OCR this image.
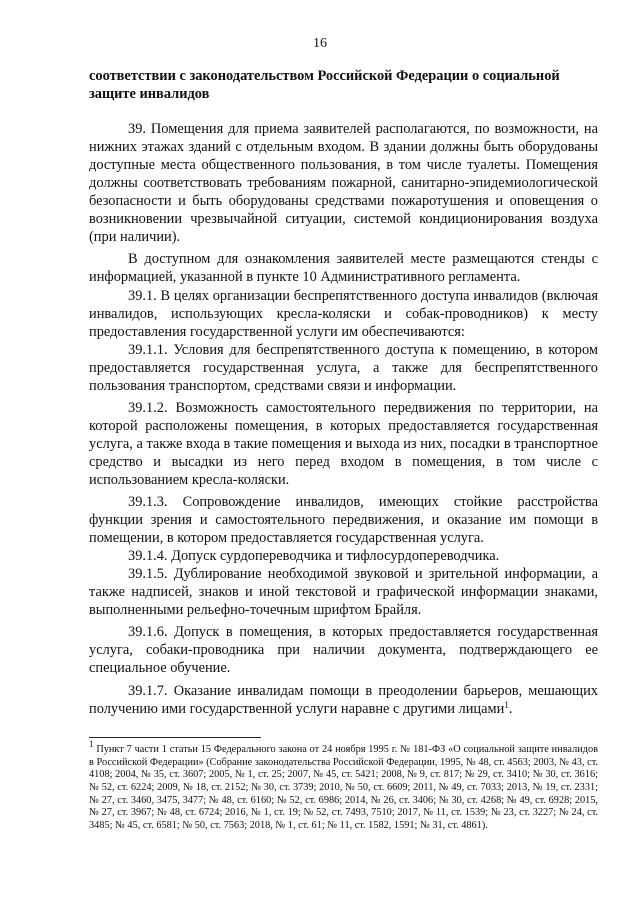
16

соответствии с законодательством Российской Федерации о социальной защите инвалидов

39. Помещения для приема заявителей располагаются, по возможности, на нижних этажах зданий с отдельным входом. В здании должны быть оборудованы доступные места общественного пользования, в том числе туалеты. Помещения должны соответствовать требованиям пожарной, санитарно-эпидемиологической безопасности и быть оборудованы средствами пожаротушения и оповещения о возникновении чрезвычайной ситуации, системой кондиционирования воздуха (при наличии).

В доступном для ознакомления заявителей месте размещаются стенды с информацией, указанной в пункте 10 Административного регламента.

39.1. В целях организации беспрепятственного доступа инвалидов (включая инвалидов, использующих кресла-коляски и собак-проводников) к месту предоставления государственной услуги им обеспечиваются:

39.1.1. Условия для беспрепятственного доступа к помещению, в котором предоставляется государственная услуга, а также для беспрепятственного пользования транспортом, средствами связи и информации.

39.1.2. Возможность самостоятельного передвижения по территории, на которой расположены помещения, в которых предоставляется государственная услуга, а также входа в такие помещения и выхода из них, посадки в транспортное средство и высадки из него перед входом в помещения, в том числе с использованием кресла-коляски.

39.1.3. Сопровождение инвалидов, имеющих стойкие расстройства функции зрения и самостоятельного передвижения, и оказание им помощи в помещении, в котором предоставляется государственная услуга.

39.1.4. Допуск сурдопереводчика и тифлосурдопереводчика.

39.1.5. Дублирование необходимой звуковой и зрительной информации, а также надписей, знаков и иной текстовой и графической информации знаками, выполненными рельефно-точечным шрифтом Брайля.

39.1.6. Допуск в помещения, в которых предоставляется государственная услуга, собаки-проводника при наличии документа, подтверждающего ее специальное обучение.

39.1.7. Оказание инвалидам помощи в преодолении барьеров, мешающих получению ими государственной услуги наравне с другими лицами$^1$.

$^1$ Пункт 7 части 1 статьи 15 Федерального закона от 24 ноября 1995 г. № 181-ФЗ «О социальной защите инвалидов в Российской Федерации» (Собрание законодательства Российской Федерации, 1995, № 48, ст. 4563; 2003, № 43, ст. 4108; 2004, № 35, ст. 3607; 2005, № 1, ст. 25; 2007, № 45, ст. 5421; 2008, № 9, ст. 817; № 29, ст. 3410; № 30, ст. 3616; № 52, ст. 6224; 2009, № 18, ст. 2152; № 30, ст. 3739; 2010, № 50, ст. 6609; 2011, № 49, ст. 7033; 2013, № 19, ст. 2331; № 27, ст. 3460, 3475, 3477; № 48, ст. 6160; № 52, ст. 6986; 2014, № 26, ст. 3406; № 30, ст. 4268; № 49, ст. 6928; 2015, № 27, ст. 3967; № 48, ст. 6724; 2016, № 1, ст. 19; № 52, ст. 7493, 7510; 2017, № 11, ст. 1539; № 23, ст. 3227; № 24, ст. 3485; № 45, ст. 6581; № 50, ст. 7563; 2018, № 1, ст. 61; № 11, ст. 1582, 1591; № 31, ст. 4861).
